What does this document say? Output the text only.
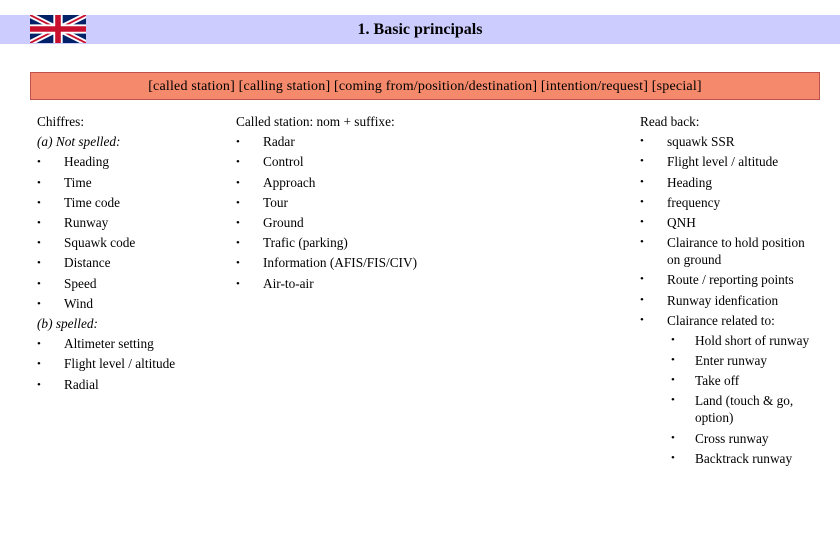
1. Basic principals
[called station] [calling station] [coming from/position/destination] [intention/request] [special]
Chiffres:
(a) Not spelled:
• Heading
• Time
• Time code
• Runway
• Squawk code
• Distance
• Speed
• Wind
(b) spelled:
• Altimeter setting
• Flight level / altitude
• Radial
Called station: nom + suffixe:
• Radar
• Control
• Approach
• Tour
• Ground
• Trafic (parking)
• Information (AFIS/FIS/CIV)
• Air-to-air
Read back:
• squawk SSR
• Flight level / altitude
• Heading
• frequency
• QNH
• Clairance to hold position on ground
• Route / reporting points
• Runway idenfication
• Clairance related to:
• Hold short of runway
• Enter runway
• Take off
• Land (touch & go, option)
• Cross runway
• Backtrack runway
